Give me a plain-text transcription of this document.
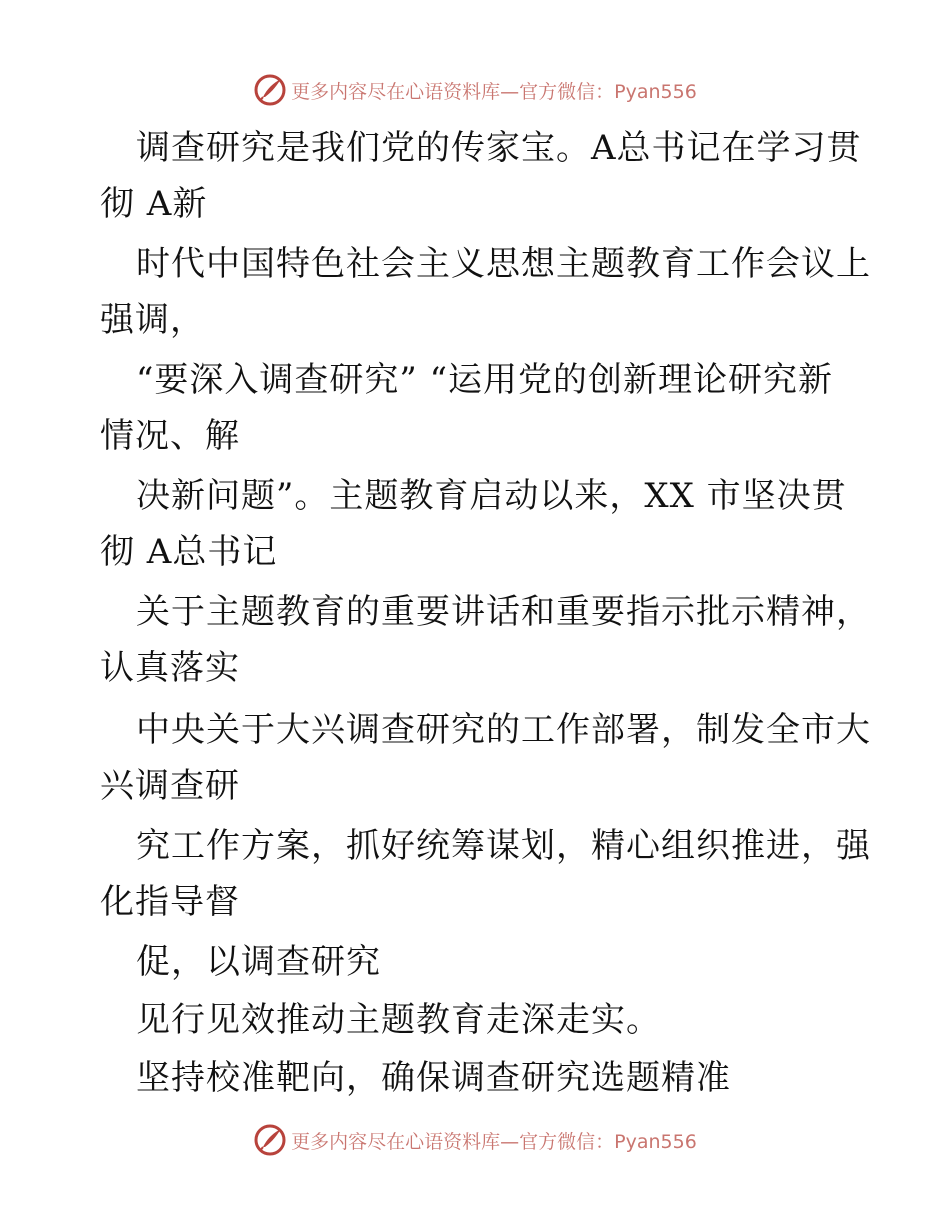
更多内容尽在心语资料库—官方微信：Pyan556
调查研究是我们党的传家宝。A总书记在学习贯
彻 A新
时代中国特色社会主义思想主题教育工作会议上
强调，
“要深入调查研究” “运用党的创新理论研究新
情况、解
决新问题”。主题教育启动以来，XX 市坚决贯
彻 A总书记
关于主题教育的重要讲话和重要指示批示精神，
认真落实
中央关于大兴调查研究的工作部署，制发全市大
兴调查研
究工作方案，抓好统筹谋划，精心组织推进，强
化指导督
促，以调查研究
见行见效推动主题教育走深走实。
坚持校准靶向，确保调查研究选题精准
更多内容尽在心语资料库—官方微信：Pyan556
